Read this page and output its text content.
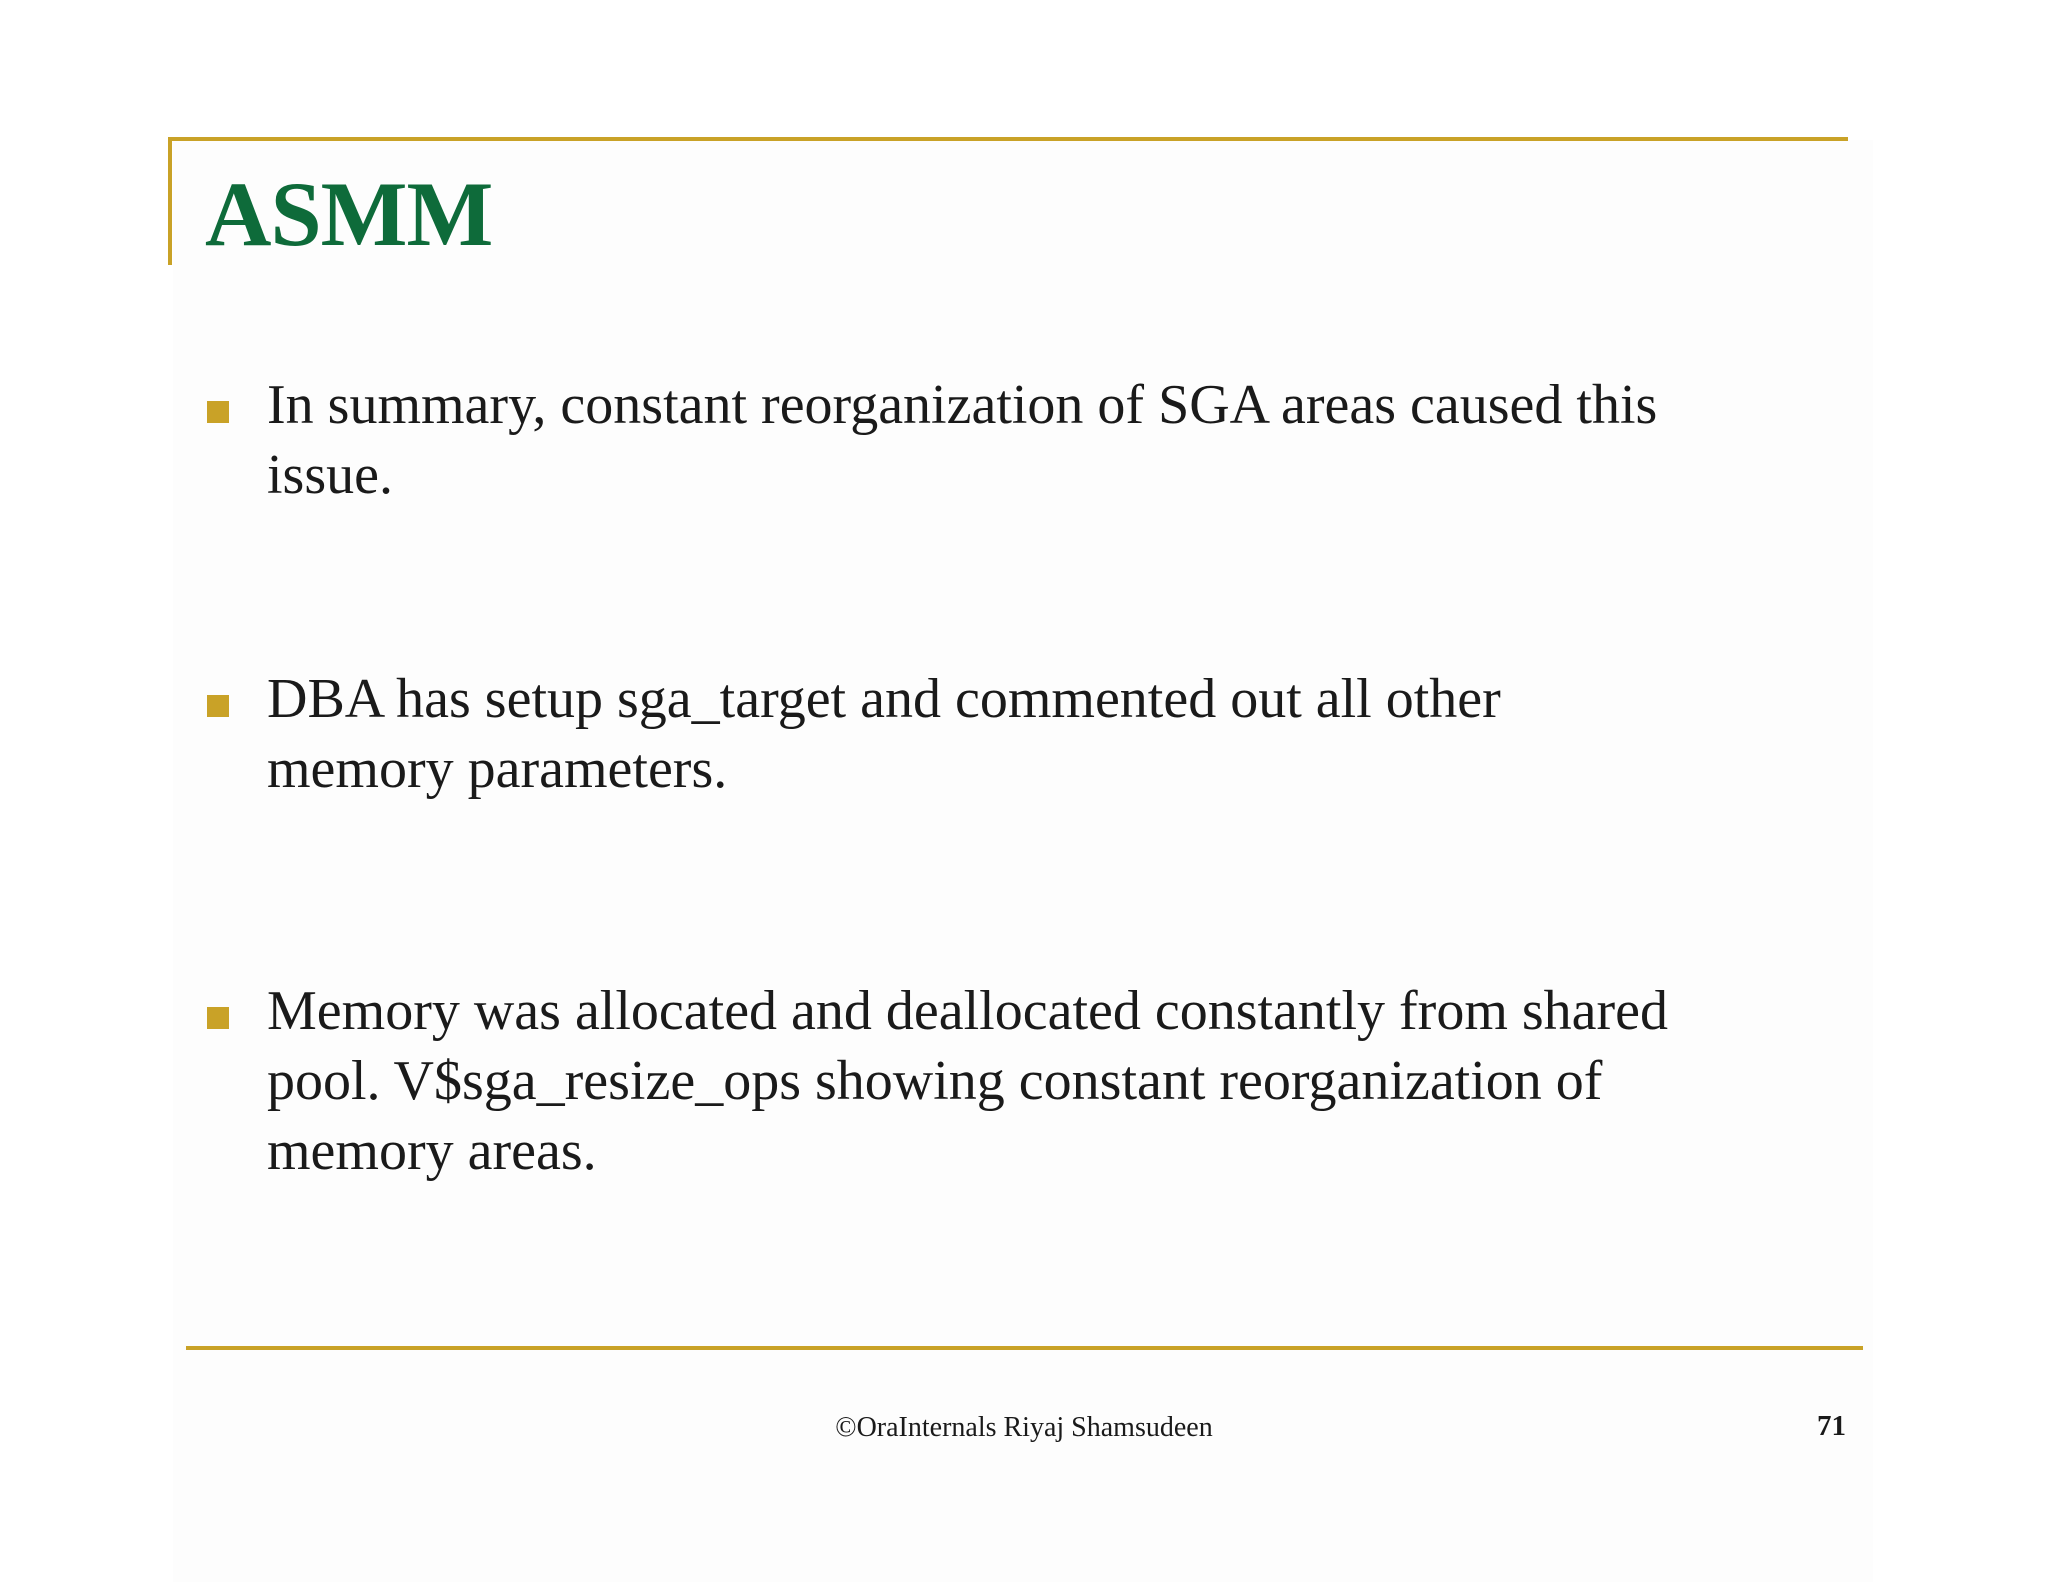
ASMM

In summary, constant reorganization of SGA areas caused this issue.

DBA has setup sga_target and commented out all other memory parameters.

Memory was allocated and deallocated constantly from shared pool. V$sga_resize_ops showing constant reorganization of memory areas.

©OraInternals Riyaj Shamsudeen	71
